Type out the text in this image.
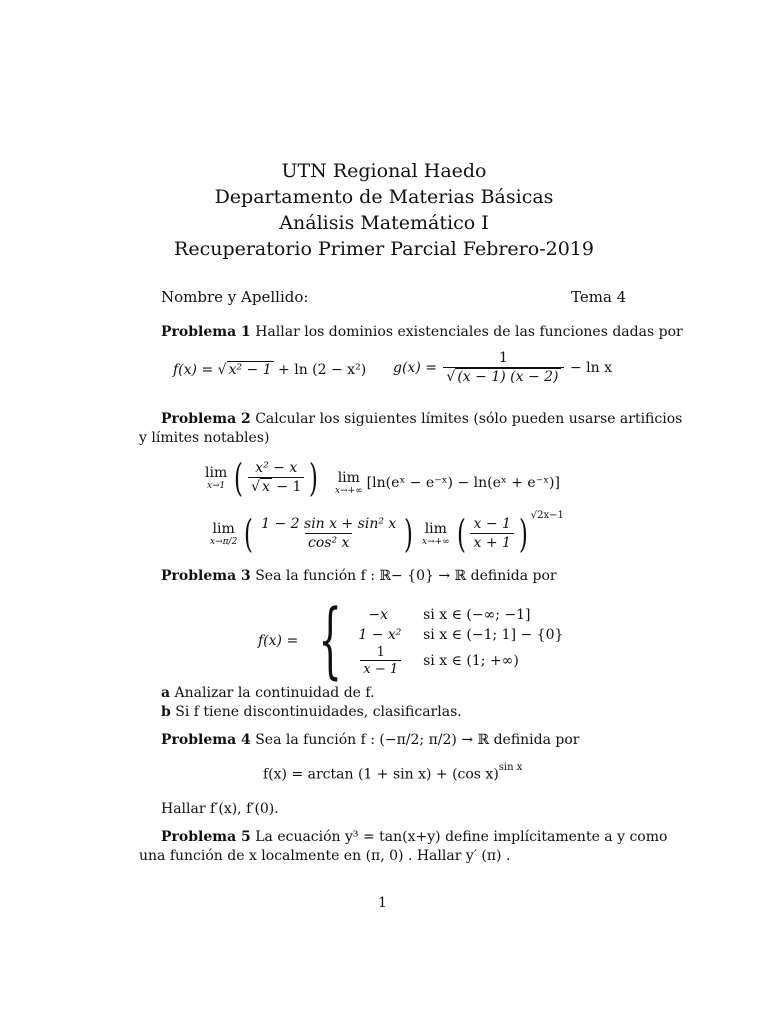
UTN Regional Haedo
Departamento de Materias Básicas
Análisis Matemático I
Recuperatorio Primer Parcial Febrero-2019
Nombre y Apellido:	Tema 4
Problema 1 Hallar los dominios existenciales de las funciones dadas por
f(x) = √ x² − 1 + ln (2 − x²) $g(x) = \frac{1}{√ (x - 1) (x - 2)} - \ln x$
Problema 2 Calcular los siguientes límites (sólo pueden usarse artificios
y límites notables)
lim
x→1 ( $\frac{\text{x² − x}}{√ x - 1}$ ) lim
x→+∞ [ln(eˣ − e⁻ˣ) − ln(eˣ + e⁻ˣ)]
lim
x→π/2 ( $\frac{\text{1 − 2 sin x + sin² x}}{\text{cos² x}}$ ) lim
x→+∞ ( $\frac{x - 1}{x + 1}$ ) $^{√2x-1}$
Problema 3 Sea la función f : ℝ− {0} → ℝ definida por
f(x) = { −x	si x ∈ (−∞; −1]
1 − x²	si x ∈ (−1; 1] − {0}

$\frac{1}{x - 1}$	si x ∈ (1; +∞)
a Analizar la continuidad de f.
b Si f tiene discontinuidades, clasificarlas.
Problema 4 Sea la función f : (−π/2; π/2) → ℝ definida por
f(x) = arctan (1 + sin x) + (cos x)$^{sin x}$
Hallar f′(x), f′(0).
Problema 5 La ecuación y³ = tan(x+y) define implícitamente a y como
una función de x localmente en (π, 0) . Hallar y′ (π) .
1
